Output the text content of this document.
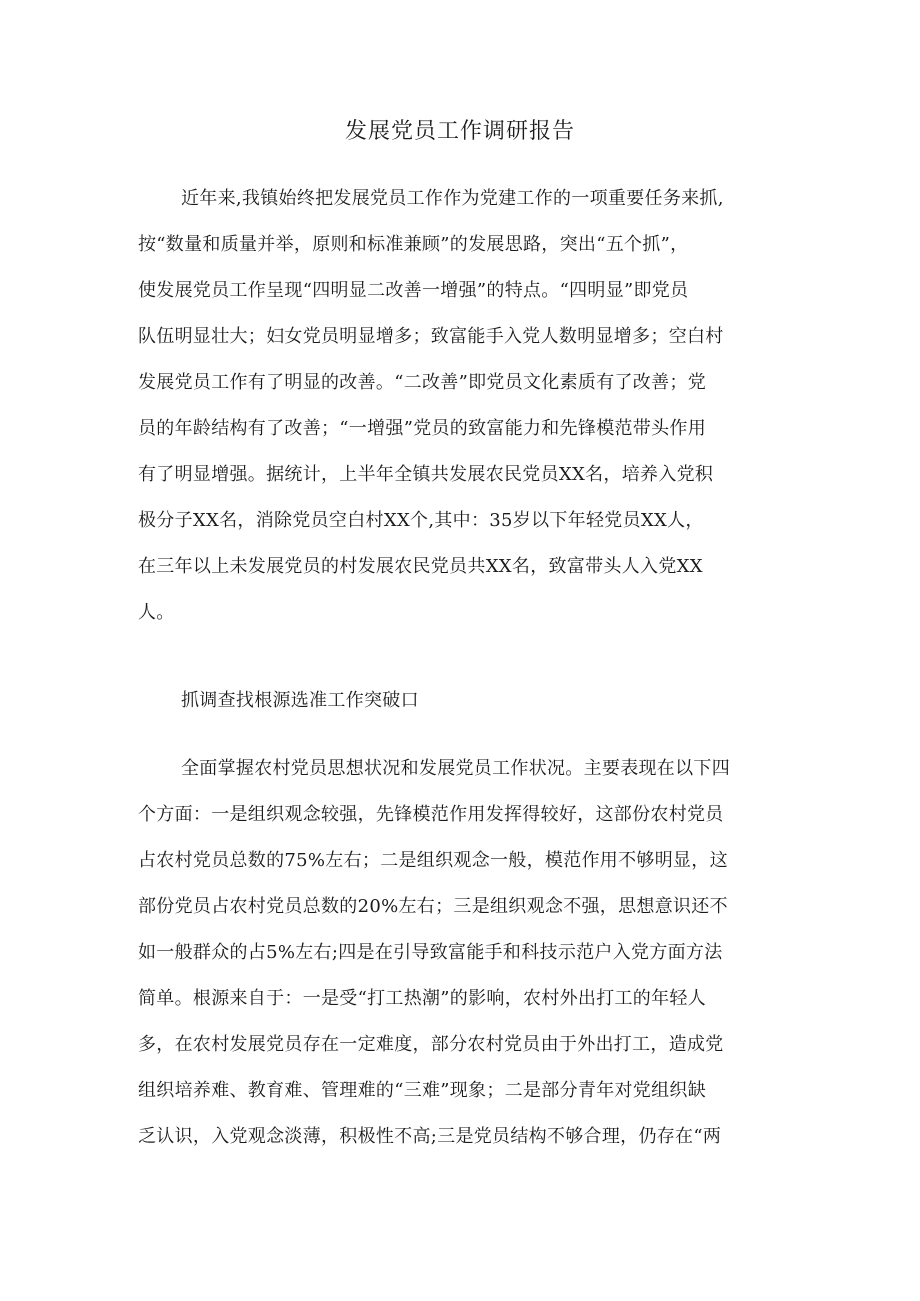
发展党员工作调研报告
近年来,我镇始终把发展党员工作作为党建工作的一项重要任务来抓,
按“数量和质量并举，原则和标准兼顾”的发展思路，突出“五个抓”，
使发展党员工作呈现“四明显二改善一增强”的特点。“四明显”即党员
队伍明显壮大；妇女党员明显增多；致富能手入党人数明显增多；空白村
发展党员工作有了明显的改善。“二改善”即党员文化素质有了改善；党
员的年龄结构有了改善；“一增强”党员的致富能力和先锋模范带头作用
有了明显增强。据统计，上半年全镇共发展农民党员XX名，培养入党积
极分子XX名，消除党员空白村XX个,其中：35岁以下年轻党员XX人，
在三年以上未发展党员的村发展农民党员共XX名，致富带头人入党XX
人。
抓调查找根源选准工作突破口
全面掌握农村党员思想状况和发展党员工作状况。主要表现在以下四
个方面：一是组织观念较强，先锋模范作用发挥得较好，这部份农村党员
占农村党员总数的75%左右；二是组织观念一般，模范作用不够明显，这
部份党员占农村党员总数的20%左右；三是组织观念不强，思想意识还不
如一般群众的占5%左右;四是在引导致富能手和科技示范户入党方面方法
简单。根源来自于：一是受“打工热潮”的影响，农村外出打工的年轻人
多，在农村发展党员存在一定难度，部分农村党员由于外出打工，造成党
组织培养难、教育难、管理难的“三难”现象；二是部分青年对党组织缺
乏认识，入党观念淡薄，积极性不高;三是党员结构不够合理，仍存在“两
